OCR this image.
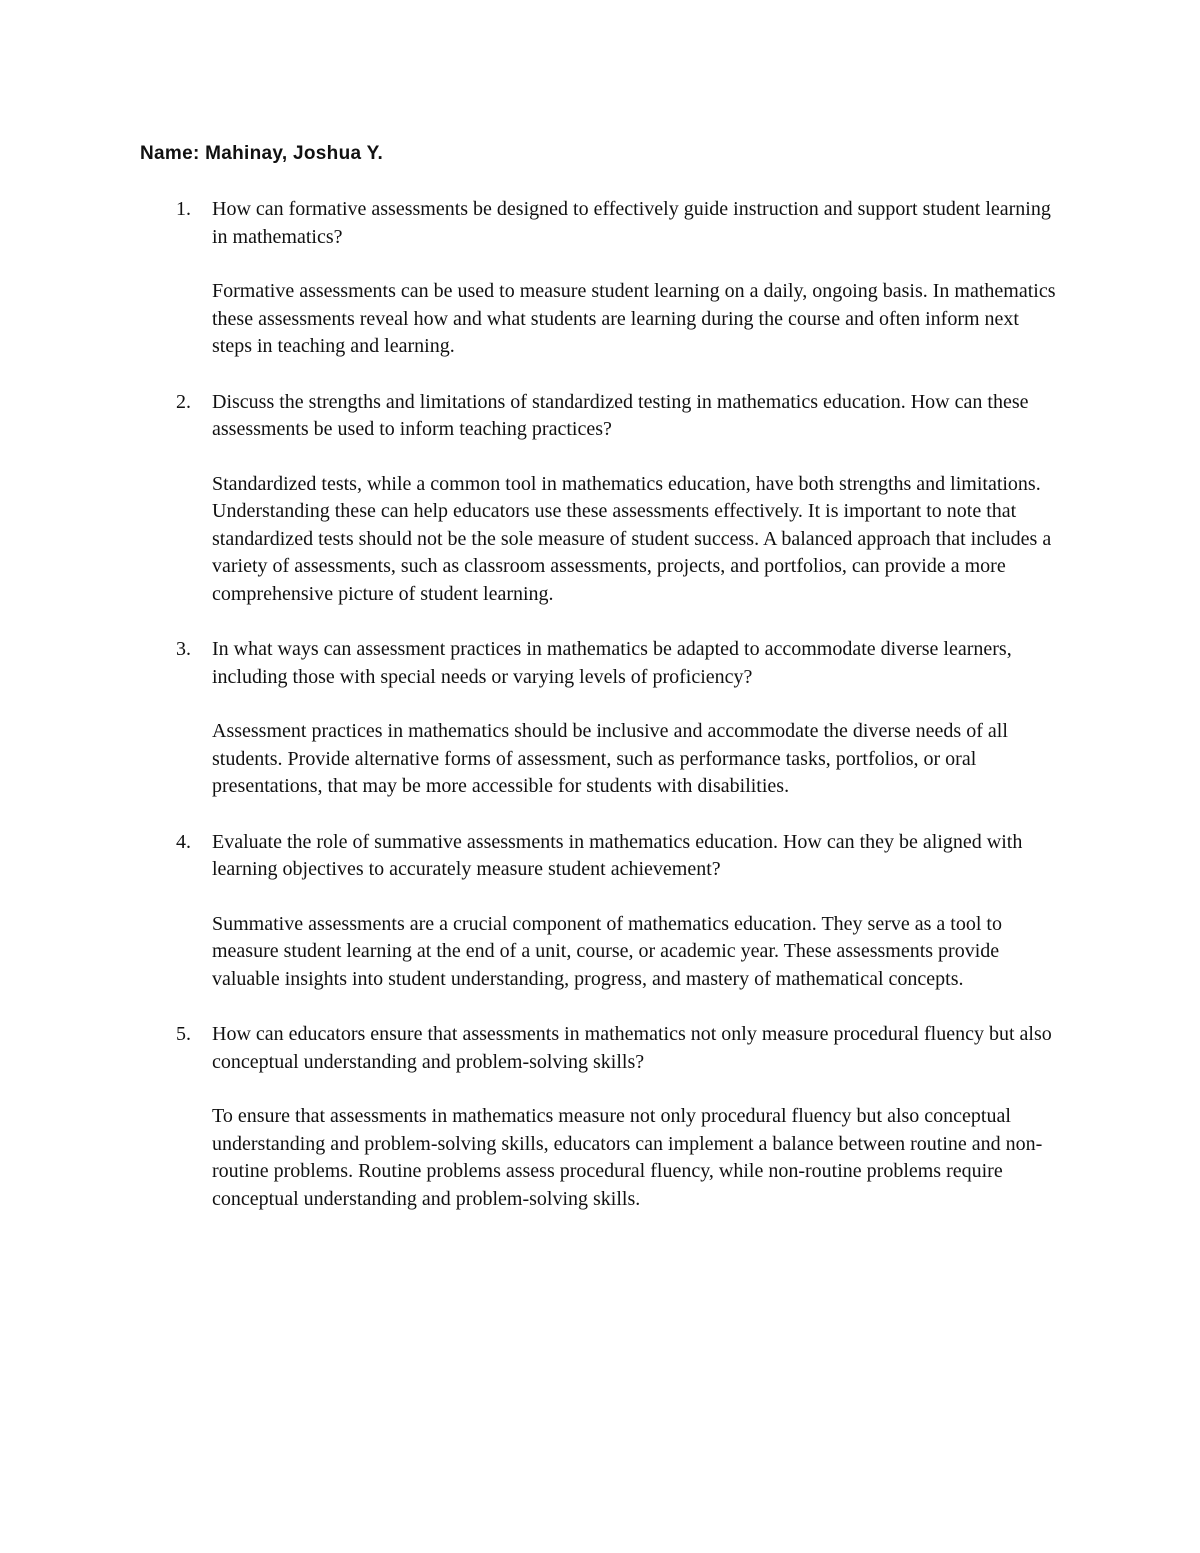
Name: Mahinay, Joshua Y.
1. How can formative assessments be designed to effectively guide instruction and support student learning in mathematics?

Formative assessments can be used to measure student learning on a daily, ongoing basis. In mathematics these assessments reveal how and what students are learning during the course and often inform next steps in teaching and learning.

2. Discuss the strengths and limitations of standardized testing in mathematics education. How can these assessments be used to inform teaching practices?

Standardized tests, while a common tool in mathematics education, have both strengths and limitations. Understanding these can help educators use these assessments effectively. It is important to note that standardized tests should not be the sole measure of student success. A balanced approach that includes a variety of assessments, such as classroom assessments, projects, and portfolios, can provide a more comprehensive picture of student learning.

3. In what ways can assessment practices in mathematics be adapted to accommodate diverse learners, including those with special needs or varying levels of proficiency?

Assessment practices in mathematics should be inclusive and accommodate the diverse needs of all students. Provide alternative forms of assessment, such as performance tasks, portfolios, or oral presentations, that may be more accessible for students with disabilities.

4. Evaluate the role of summative assessments in mathematics education. How can they be aligned with learning objectives to accurately measure student achievement?

Summative assessments are a crucial component of mathematics education. They serve as a tool to measure student learning at the end of a unit, course, or academic year. These assessments provide valuable insights into student understanding, progress, and mastery of mathematical concepts.

5. How can educators ensure that assessments in mathematics not only measure procedural fluency but also conceptual understanding and problem-solving skills?

To ensure that assessments in mathematics measure not only procedural fluency but also conceptual understanding and problem-solving skills, educators can implement a balance between routine and non-routine problems. Routine problems assess procedural fluency, while non-routine problems require conceptual understanding and problem-solving skills.
